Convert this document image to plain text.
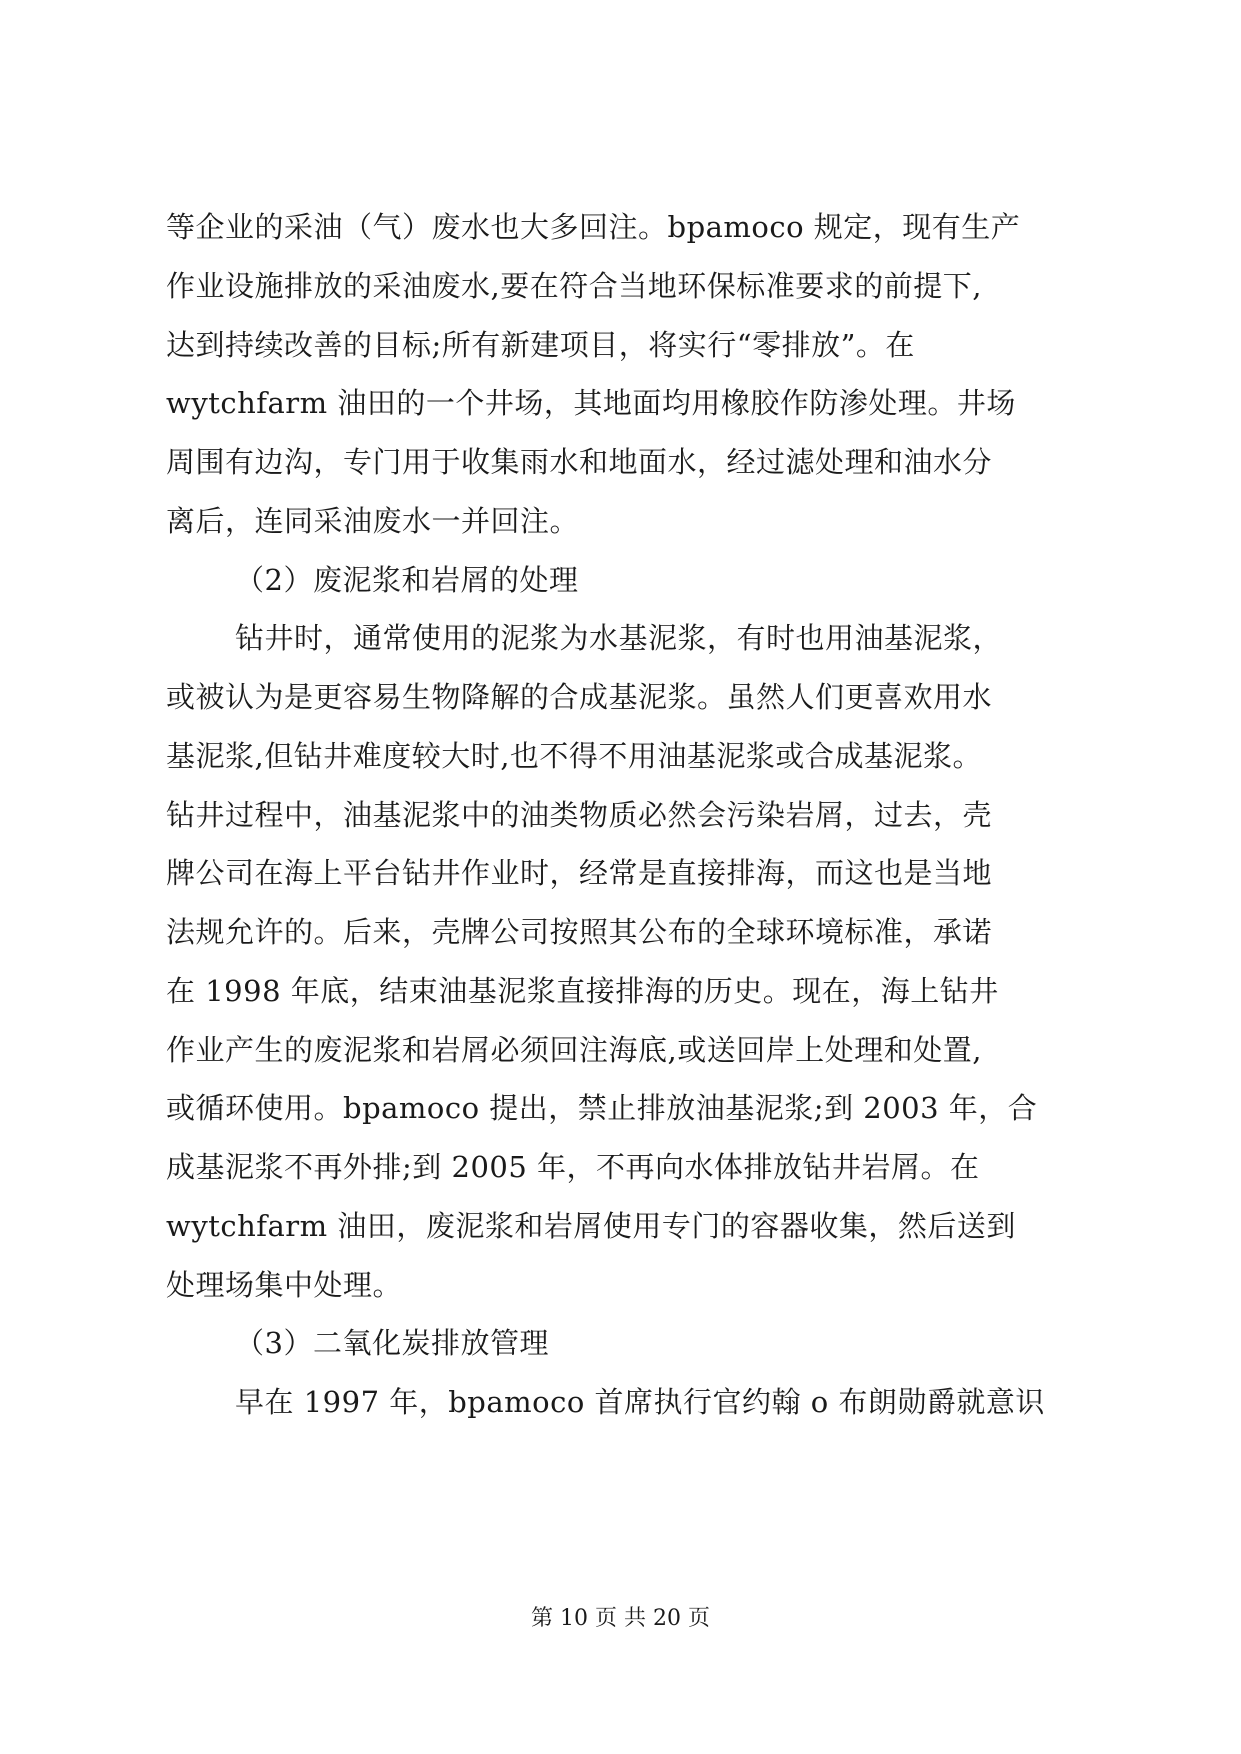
等企业的采油（气）废水也大多回注。bpamoco 规定，现有生产
作业设施排放的采油废水,要在符合当地环保标准要求的前提下,
达到持续改善的目标;所有新建项目，将实行“零排放”。在
wytchfarm 油田的一个井场，其地面均用橡胶作防渗处理。井场
周围有边沟，专门用于收集雨水和地面水，经过滤处理和油水分
离后，连同采油废水一并回注。
（2）废泥浆和岩屑的处理
钻井时，通常使用的泥浆为水基泥浆，有时也用油基泥浆，
或被认为是更容易生物降解的合成基泥浆。虽然人们更喜欢用水
基泥浆,但钻井难度较大时,也不得不用油基泥浆或合成基泥浆。
钻井过程中，油基泥浆中的油类物质必然会污染岩屑，过去，壳
牌公司在海上平台钻井作业时，经常是直接排海，而这也是当地
法规允许的。后来，壳牌公司按照其公布的全球环境标准，承诺
在 1998 年底，结束油基泥浆直接排海的历史。现在，海上钻井
作业产生的废泥浆和岩屑必须回注海底,或送回岸上处理和处置,
或循环使用。bpamoco 提出，禁止排放油基泥浆;到 2003 年，合
成基泥浆不再外排;到 2005 年，不再向水体排放钻井岩屑。在
wytchfarm 油田，废泥浆和岩屑使用专门的容器收集，然后送到
处理场集中处理。
（3）二氧化炭排放管理
早在 1997 年，bpamoco 首席执行官约翰 o 布朗勋爵就意识
第 10 页 共 20 页
